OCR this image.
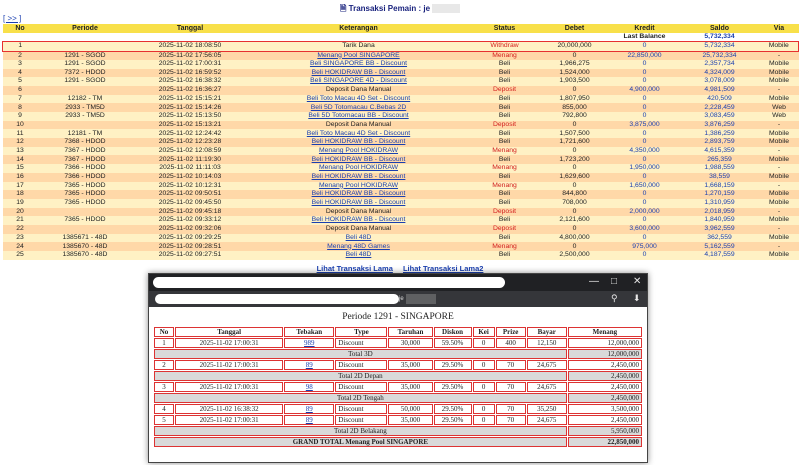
🗎 Transaksi Pemain : je
[ >> ]
No	Periode	Tanggal	Keterangan	Status	Debet	Kredit	Saldo	Via
						Last Balance	5,732,334	
1		2025-11-02 18:08:50	Tarik Dana	Withdraw	20,000,000	0	5,732,334	Mobile
2	1291 - SGOD	2025-11-02 17:56:05	Menang Pool SINGAPORE	Menang	0	22,850,000	25,732,334	-
3	1291 - SGOD	2025-11-02 17:00:31	Beli SINGAPORE BB - Discount	Beli	1,966,275	0	2,357,734	Mobile
4	7372 - HDOD	2025-11-02 16:59:52	Beli HOKIDRAW BB - Discount	Beli	1,524,000	0	4,324,009	Mobile
5	1291 - SGOD	2025-11-02 16:38:32	Beli SINGAPORE 4D - Discount	Beli	1,903,500	0	3,078,009	Mobile
6		2025-11-02 16:36:27	Deposit Dana Manual	Deposit	0	4,900,000	4,981,509	-
7	12182 - TM	2025-11-02 15:15:21	Beli Toto Macau 4D Set - Discount	Beli	1,807,950	0	420,509	Mobile
8	2933 - TM5D	2025-11-02 15:14:26	Beli 5D Totomacau C.Bebas 2D	Beli	855,000	0	2,228,459	Web
9	2933 - TM5D	2025-11-02 15:13:50	Beli 5D Totomacau BB - Discount	Beli	792,800	0	3,083,459	Web
10		2025-11-02 15:13:21	Deposit Dana Manual	Deposit	0	3,875,000	3,876,259	-
11	12181 - TM	2025-11-02 12:24:42	Beli Toto Macau 4D Set - Discount	Beli	1,507,500	0	1,386,259	Mobile
12	7368 - HDOD	2025-11-02 12:23:28	Beli HOKIDRAW BB - Discount	Beli	1,721,600	0	2,893,759	Mobile
13	7367 - HDOD	2025-11-02 12:08:59	Menang Pool HOKIDRAW	Menang	0	4,350,000	4,615,359	-
14	7367 - HDOD	2025-11-02 11:19:30	Beli HOKIDRAW BB - Discount	Beli	1,723,200	0	265,359	Mobile
15	7366 - HDOD	2025-11-02 11:11:03	Menang Pool HOKIDRAW	Menang	0	1,950,000	1,988,559	-
16	7366 - HDOD	2025-11-02 10:14:03	Beli HOKIDRAW BB - Discount	Beli	1,629,600	0	38,559	Mobile
17	7365 - HDOD	2025-11-02 10:12:31	Menang Pool HOKIDRAW	Menang	0	1,650,000	1,668,159	-
18	7365 - HDOD	2025-11-02 09:50:51	Beli HOKIDRAW BB - Discount	Beli	844,800	0	1,270,159	Mobile
19	7365 - HDOD	2025-11-02 09:45:50	Beli HOKIDRAW BB - Discount	Beli	708,000	0	1,310,959	Mobile
20		2025-11-02 09:45:18	Deposit Dana Manual	Deposit	0	2,000,000	2,018,959	-
21	7365 - HDOD	2025-11-02 09:33:12	Beli HOKIDRAW BB - Discount	Beli	2,121,600	0	1,840,959	Mobile
22		2025-11-02 09:32:06	Deposit Dana Manual	Deposit	0	3,600,000	3,962,559	-
23	1385671 - 48D	2025-11-02 09:29:25	Beli 48D	Beli	4,800,000	0	362,559	Mobile
24	1385670 - 48D	2025-11-02 09:28:51	Menang 48D Games	Menang	0	975,000	5,162,559	-
25	1385670 - 48D	2025-11-02 09:27:51	Beli 48D	Beli	2,500,000	0	4,187,559	Mobile
Lihat Transaksi Lama Lihat Transaksi Lama2
— □ ✕
je	⚲ ⬇
Periode 1291 - SINGAPORE
No	Tanggal	Tebakan	Type	Taruhan	Diskon	Kei	Prize	Bayar	Menang
1	2025-11-02 17:00:31	989	Discount	30,000	59.50%	0	400	12,150	12,000,000
Total 3D									12,000,000
2	2025-11-02 17:00:31	89	Discount	35,000	29.50%	0	70	24,675	2,450,000
Total 2D Depan									2,450,000
3	2025-11-02 17:00:31	98	Discount	35,000	29.50%	0	70	24,675	2,450,000
Total 2D Tengah									2,450,000
4	2025-11-02 16:38:32	89	Discount	50,000	29.50%	0	70	35,250	3,500,000
5	2025-11-02 17:00:31	89	Discount	35,000	29.50%	0	70	24,675	2,450,000
Total 2D Belakang									5,950,000
GRAND TOTAL Menang Pool SINGAPORE									22,850,000
